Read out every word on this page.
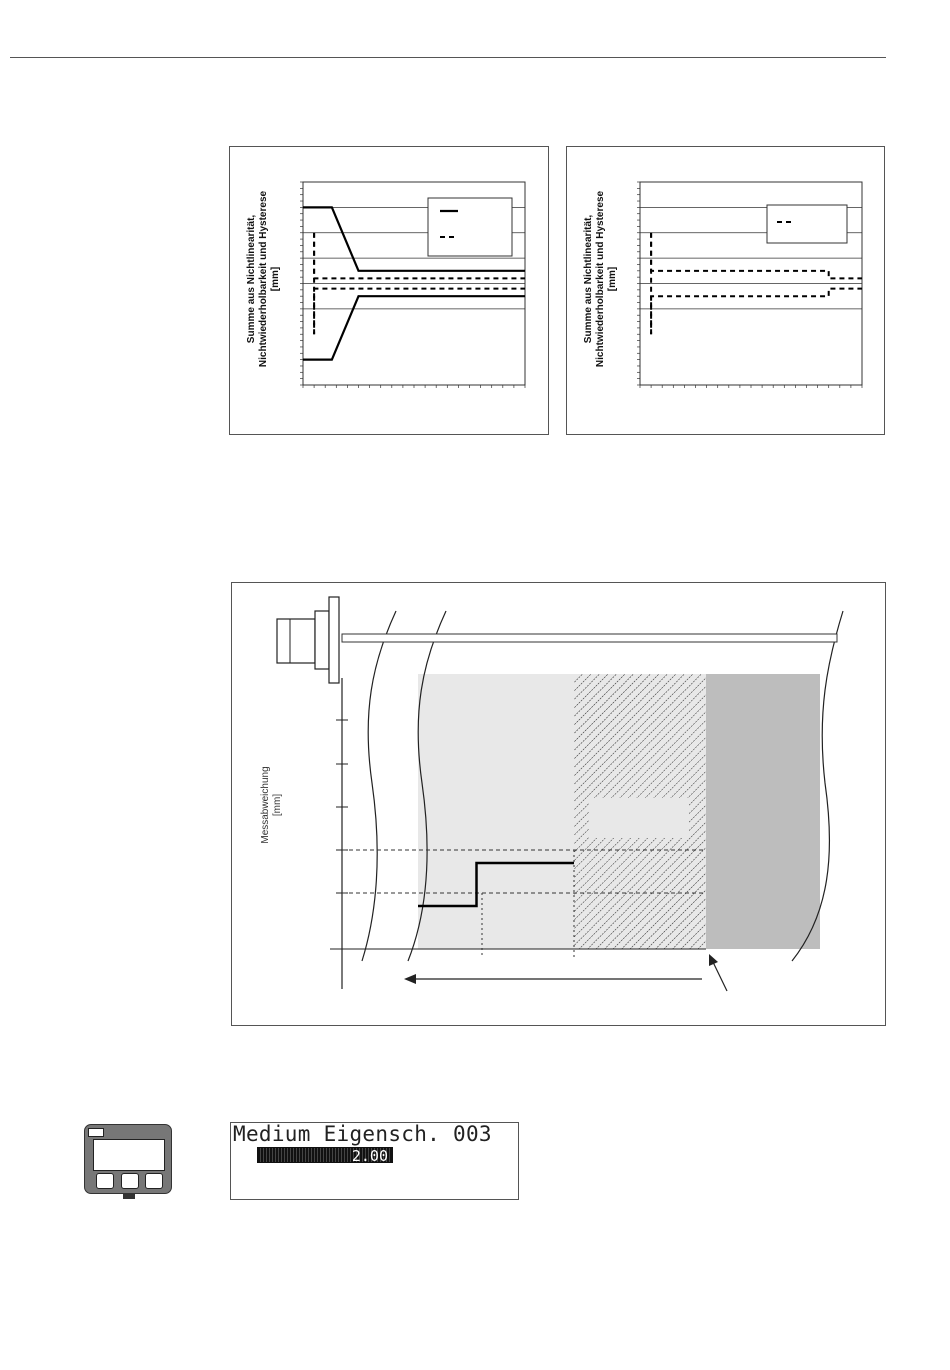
Summe aus Nichtlinearität, Nichtwiederholbarkeit und Hysterese [mm]	Summe aus Nichtlinearität, Nichtwiederholbarkeit und Hysterese [mm]
Messabweichung [mm]
Medium Eigensch. 003
2.00
